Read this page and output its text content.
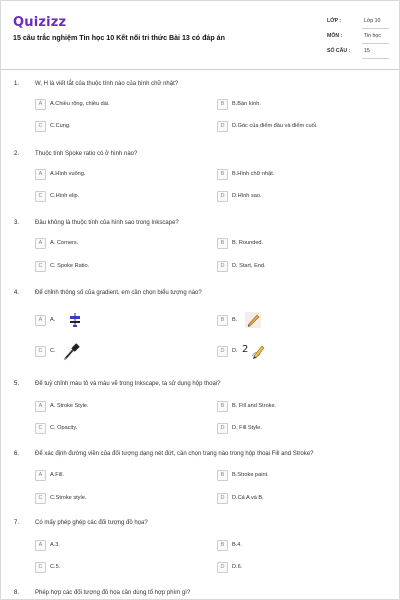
Quizizz
15 câu trắc nghiệm Tin học 10 Kết nối tri thức Bài 13 có đáp án
LỚP :	Lớp 10
MÔN :	Tin học
SỐ CÂU :	15
1.	W, H là viết tắt của thuộc tính nào của hình chữ nhật?
A	A.Chiều rộng, chiều dài.	B	B.Bán kính.
C	C.Cung.	D	D.Góc của điểm đầu và điểm cuối.
2.	Thuộc tính Spoke ratio có ở hình nào?
A	A.Hình vuông.	B	B.Hình chữ nhật.
C	C.Hình elip.	D	D.Hình sao.
3.	Đâu không là thuộc tính của hình sao trong Inkscape?
A	A. Corners.	B	B. Rounded.
C	C. Spoke Ratio.	D	D. Start, End.
4.	Để chỉnh thông số của gradient, em cần chọn biểu tượng nào?
A	A.	B	B.
C	C.	D	D. 2
5.	Để tuỳ chỉnh màu tô và màu vẽ trong Inkscape, ta sử dụng hộp thoại?
A	A. Stroke Style.	B	B. Fill and Stroke.
C	C. Opacity.	D	D. Fill Style.
6.	Để xác định đường viền của đối tượng dạng nét đứt, cần chọn trang nào trong hộp thoại Fill and Stroke?
A	A.Fill.	B	B.Stroke paint.
C	C.Stroke style.	D	D.Cả A và B.
7.	Có mấy phép ghép các đối tượng đồ họa?
A	A.3.	B	B.4.
C	C.5.	D	D.6.
8.	Phép hợp các đối tượng đồ họa cần dùng tổ hợp phím gì?
